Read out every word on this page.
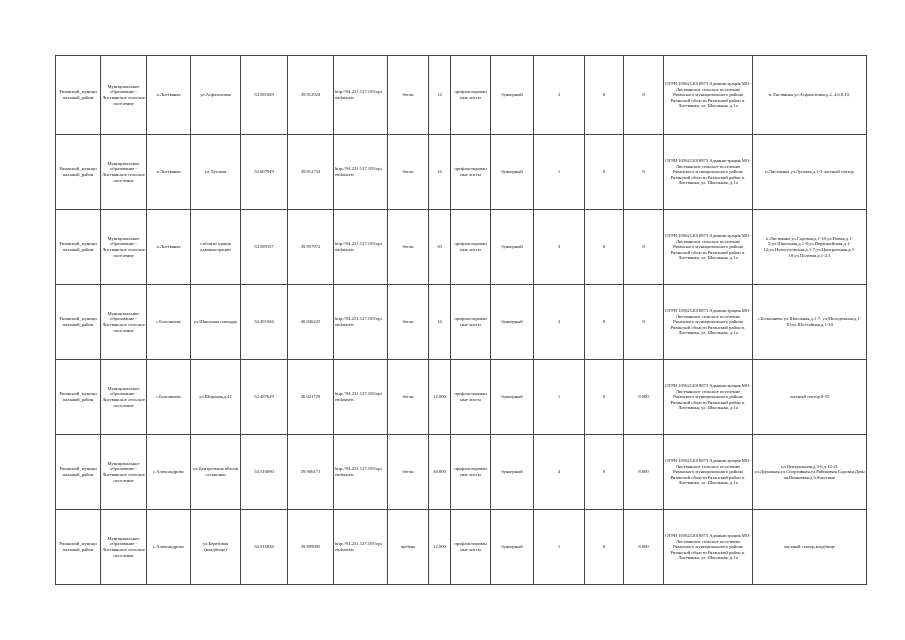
Рязанский_муници пальный_район	Муниципальное образование - Листвянское сельское поселение	п.Листвянка	ул.Асфальтовая	54.581849	39.912924	http://94.231.127.105/opi endatasets	бетон	12	профлистирован ные листы	бункерный	2	0	8	ОГРН 1056212018873 Администрация МО-Листвянское сельское поселение Рязанского муниципального района Рязанской области Рязанский район п. Листвянка, ул. Школьная, д.1а	п.Листвянка ул.Асфальтовая,д.2, 4,6,8,10;
Рязанский_муници пальный_район	Муниципальное образование - Листвянское сельское поселение	п.Листвянка	ул.Луговая	54.607949	39.912734	http://94.231.127.105/opi endatasets	бетон	16	профлистирован ные листы	бункерный	1	0	8	ОГРН 1056212018873 Администрация МО-Листвянское сельское поселение Рязанского муниципального района Рязанской области Рязанский район п. Листвянка, ул. Школьная, д.1а	п.Листвянка ул.Луговая,д.1-3 частный сектор
Рязанский_муници пальный_район	Муниципальное образование - Листвянское сельское поселение	п.Листвянка	с.вблизи здания администрации	54.589157	39.957972	http://94.231.127.105/opi endatasets	бетон	50	профлистирован ные листы	бункерный	3	0	8	ОГРН 1056212018873 Администрация МО-Листвянское сельское поселение Рязанского муниципального района Рязанской области Рязанский район п. Листвянка, ул. Школьная, д.1а	п.Листвянка ул.Садовая,д.1-18;ул.Новая,д.1-5;ул.Школьная,д.1-8;ул.Первомайская,д.1-12;ул.Новоселовская,д.1-7;ул.Центральная,д.1-10;ул.Полевая,д.1-2;3
Рязанский_муници пальный_район	Муниципальное образование - Листвянское сельское поселение	с.Болошнево	ул.Школьная площадь	54.491946	40.036225	http://94.231.127.105/opi endatasets	бетон	16	профлистирован ные листы	бункерный	2	0	8	ОГРН 1056212018873 Администрация МО-Листвянское сельское поселение Рязанского муниципального района Рязанской области Рязанский район п. Листвянка, ул. Школьная, д.1а	с.Болошнево ул.Школьная,д.1-7; ул.Молодёжная,д.1-10;ул.Шоссейная,д.1-10
Рязанский_муници пальный_район	Муниципальное образование - Листвянское сельское поселение	с.Болошнево	ул.Широкая,д.41	54.487629	40.021729	http://94.231.127.105/opi endatasets	бетон	12.000	профлистирован ные листы	бункерный	1	0	8.000	ОГРН 1056212018873 Администрация МО-Листвянское сельское поселение Рязанского муниципального района Рязанской области Рязанский район п. Листвянка, ул. Школьная, д.1а	частный сектор 8-55
Рязанский_муници пальный_район	Муниципальное образование - Листвянское сельское поселение	с.Александрово	ул.Центральная вблизи остановки	54.516690	39.906171	http://94.231.127.105/opi endatasets	бетон	36.000	профлистирован ные листы	бункерный	4	0	8.000	ОГРН 1056212018873 Администрация МО-Листвянское сельское поселение Рязанского муниципального района Рязанской области Рязанский район п. Листвянка, ул. Школьная, д.1а	ул.Центральная,д.3-6,д.12-21 ул.Дорожная,ул.Спортивная,ул.Рябиновая,Садовая,Дачная,Вишневая,д.6,8частные
Рязанский_муници пальный_район	Муниципальное образование - Листвянское сельское поселение	с.Александрово	ул.Березовая (кладбище)	54.515836	39.899085	http://94.231.127.105/opi endatasets	щебень	12.000	профлистирован ные листы	бункерный	1	0	8.000	ОГРН 1056212018873 Администрация МО-Листвянское сельское поселение Рязанского муниципального района Рязанской области Рязанский район п. Листвянка, ул. Школьная, д.1а	частный сектор,кладбище
